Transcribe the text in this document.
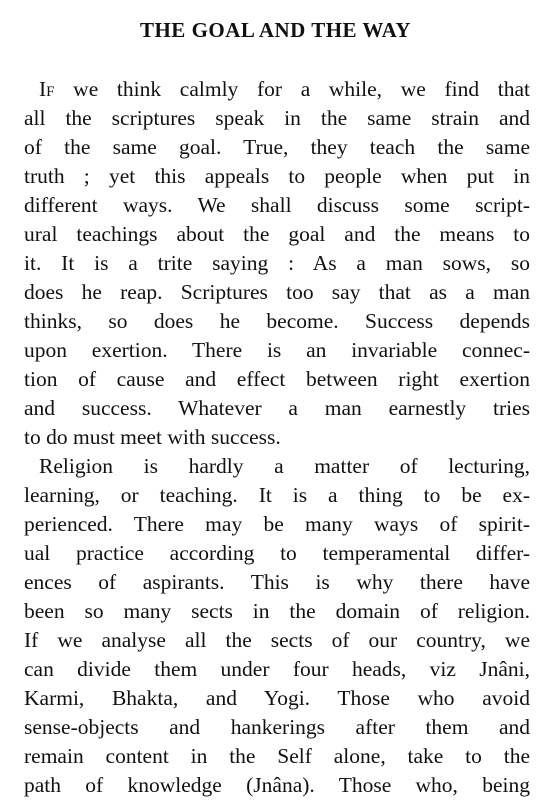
THE GOAL AND THE WAY
If we think calmly for a while, we find that
all the scriptures speak in the same strain and
of the same goal. True, they teach the same
truth ; yet this appeals to people when put in
different ways. We shall discuss some script-
ural teachings about the goal and the means to
it. It is a trite saying : As a man sows, so
does he reap. Scriptures too say that as a man
thinks, so does he become. Success depends
upon exertion. There is an invariable connec-
tion of cause and effect between right exertion
and success. Whatever a man earnestly tries
to do must meet with success.
Religion is hardly a matter of lecturing,
learning, or teaching. It is a thing to be ex-
perienced. There may be many ways of spirit-
ual practice according to temperamental differ-
ences of aspirants. This is why there have
been so many sects in the domain of religion.
If we analyse all the sects of our country, we
can divide them under four heads, viz Jnâni,
Karmi, Bhakta, and Yogi. Those who avoid
sense-objects and hankerings after them and
remain content in the Self alone, take to the
path of knowledge (Jnâna). Those who, being
